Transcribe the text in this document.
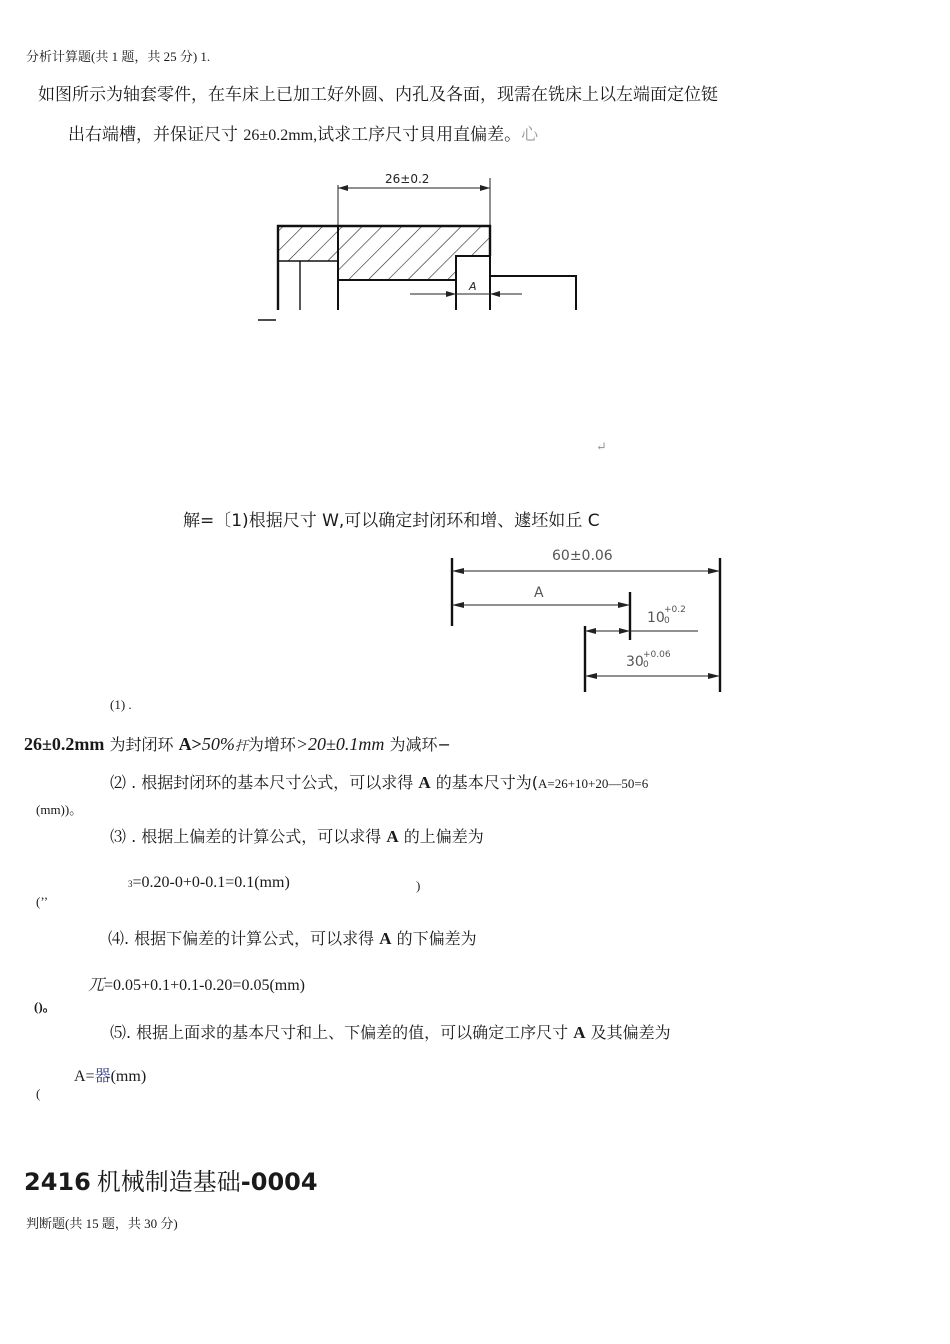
分析计算题(共 1 题，共 25 分) 1.
如图所示为轴套零件，在车床上已加工好外圆、内孔及各面，现需在铣床上以左端面定位铤
出右端槽，并保证尺寸 26±0.2mm,试求工序尺寸貝用直偏差。心
26±0.2
A
↵
解=〔1)根据尺寸 W,可以确定封闭环和增、遽坯如丘 C
60±0.06
A
10 +0.2
0
30 +0.06
0
(1) .
26±0.2mm 为封闭环 A>50%扞为增环>20±0.1mm 为减环−
⑵ . 根据封闭环的基本尺寸公式，可以求得 A 的基本尺寸为(A=26+10+20—50=6
(mm))。
⑶ . 根据上偏差的计算公式，可以求得 A 的上偏差为
3=0.20-0+0-0.1=0.1(mm)	)
(’’
⑷. 根据下偏差的计算公式，可以求得 A 的下偏差为
兀=0.05+0.1+0.1-0.20=0.05(mm)
()。
⑸. 根据上面求的基本尺寸和上、下偏差的值，可以确定工序尺寸 A 及其偏差为
A=器(mm)
(
2416 机械制造基础-0004
判断题(共 15 题，共 30 分)
